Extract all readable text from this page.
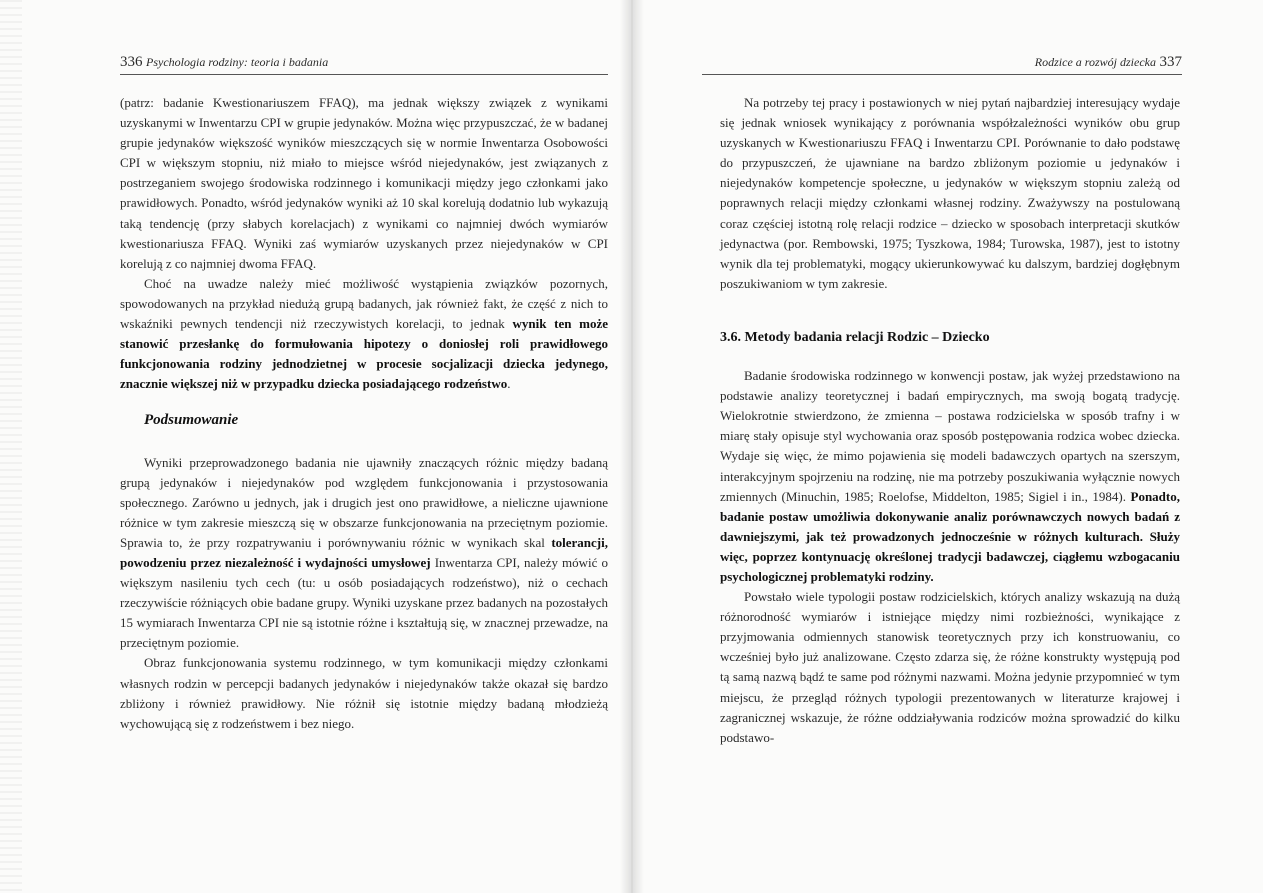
336 Psychologia rodziny: teoria i badania

(patrz: badanie Kwestionariuszem FFAQ), ma jednak większy związek z wynikami uzyskanymi w Inwentarzu CPI w grupie jedynaków. Można więc przypuszczać, że w badanej grupie jedynaków większość wyników mieszczących się w normie Inwentarza Osobowości CPI w większym stopniu, niż miało to miejsce wśród niejedynaków, jest związanych z postrzeganiem swojego środowiska rodzinnego i komunikacji między jego członkami jako prawidłowych. Ponadto, wśród jedynaków wyniki aż 10 skal korelują dodatnio lub wykazują taką tendencję (przy słabych korelacjach) z wynikami co najmniej dwóch wymiarów kwestionariusza FFAQ. Wyniki zaś wymiarów uzyskanych przez niejedynaków w CPI korelują z co najmniej dwoma FFAQ.

Choć na uwadze należy mieć możliwość wystąpienia związków pozornych, spowodowanych na przykład niedużą grupą badanych, jak również fakt, że część z nich to wskaźniki pewnych tendencji niż rzeczywistych korelacji, to jednak wynik ten może stanowić przesłankę do formułowania hipotezy o doniosłej roli prawidłowego funkcjonowania rodziny jednodzietnej w procesie socjalizacji dziecka jedynego, znacznie większej niż w przypadku dziecka posiadającego rodzeństwo.

Podsumowanie

Wyniki przeprowadzonego badania nie ujawniły znaczących różnic między badaną grupą jedynaków i niejedynaków pod względem funkcjonowania i przystosowania społecznego. Zarówno u jednych, jak i drugich jest ono prawidłowe, a nieliczne ujawnione różnice w tym zakresie mieszczą się w obszarze funkcjonowania na przeciętnym poziomie. Sprawia to, że przy rozpatrywaniu i porównywaniu różnic w wynikach skal tolerancji, powodzeniu przez niezależność i wydajności umysłowej Inwentarza CPI, należy mówić o większym nasileniu tych cech (tu: u osób posiadających rodzeństwo), niż o cechach rzeczywiście różniących obie badane grupy. Wyniki uzyskane przez badanych na pozostałych 15 wymiarach Inwentarza CPI nie są istotnie różne i kształtują się, w znacznej przewadze, na przeciętnym poziomie.

Obraz funkcjonowania systemu rodzinnego, w tym komunikacji między członkami własnych rodzin w percepcji badanych jedynaków i niejedynaków także okazał się bardzo zbliżony i również prawidłowy. Nie różnił się istotnie między badaną młodzieżą wychowującą się z rodzeństwem i bez niego.

Rodzice a rozwój dziecka 337

Na potrzeby tej pracy i postawionych w niej pytań najbardziej interesujący wydaje się jednak wniosek wynikający z porównania współzależności wyników obu grup uzyskanych w Kwestionariuszu FFAQ i Inwentarzu CPI. Porównanie to dało podstawę do przypuszczeń, że ujawniane na bardzo zbliżonym poziomie u jedynaków i niejedynaków kompetencje społeczne, u jedynaków w większym stopniu zależą od poprawnych relacji między członkami własnej rodziny. Zważywszy na postulowaną coraz częściej istotną rolę relacji rodzice – dziecko w sposobach interpretacji skutków jedynactwa (por. Rembowski, 1975; Tyszkowa, 1984; Turowska, 1987), jest to istotny wynik dla tej problematyki, mogący ukierunkowywać ku dalszym, bardziej dogłębnym poszukiwaniom w tym zakresie.

3.6. Metody badania relacji Rodzic – Dziecko

Badanie środowiska rodzinnego w konwencji postaw, jak wyżej przedstawiono na podstawie analizy teoretycznej i badań empirycznych, ma swoją bogatą tradycję. Wielokrotnie stwierdzono, że zmienna – postawa rodzicielska w sposób trafny i w miarę stały opisuje styl wychowania oraz sposób postępowania rodzica wobec dziecka. Wydaje się więc, że mimo pojawienia się modeli badawczych opartych na szerszym, interakcyjnym spojrzeniu na rodzinę, nie ma potrzeby poszukiwania wyłącznie nowych zmiennych (Minuchin, 1985; Roelofse, Middelton, 1985; Sigiel i in., 1984). Ponadto, badanie postaw umożliwia dokonywanie analiz porównawczych nowych badań z dawniejszymi, jak też prowadzonych jednocześnie w różnych kulturach. Służy więc, poprzez kontynuację określonej tradycji badawczej, ciągłemu wzbogacaniu psychologicznej problematyki rodziny.

Powstało wiele typologii postaw rodzicielskich, których analizy wskazują na dużą różnorodność wymiarów i istniejące między nimi rozbieżności, wynikające z przyjmowania odmiennych stanowisk teoretycznych przy ich konstruowaniu, co wcześniej było już analizowane. Często zdarza się, że różne konstrukty występują pod tą samą nazwą bądź te same pod różnymi nazwami. Można jedynie przypomnieć w tym miejscu, że przegląd różnych typologii prezentowanych w literaturze krajowej i zagranicznej wskazuje, że różne oddziaływania rodziców można sprowadzić do kilku podstawo-
